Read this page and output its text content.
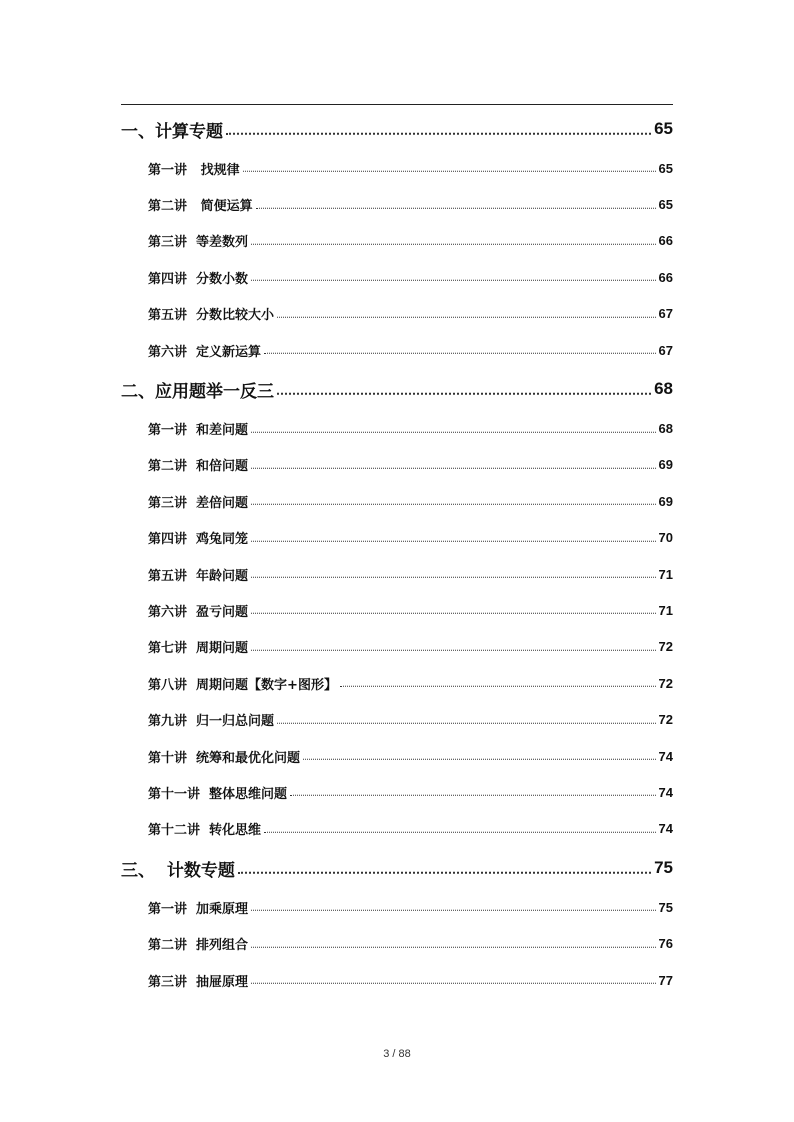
一、计算专题	65
第一讲   找规律	65
第二讲   简便运算	65
第三讲  等差数列	66
第四讲  分数小数	66
第五讲  分数比较大小	67
第六讲  定义新运算	67
二、应用题举一反三	68
第一讲  和差问题	68
第二讲  和倍问题	69
第三讲  差倍问题	69
第四讲  鸡兔同笼	70
第五讲  年龄问题	71
第六讲  盈亏问题	71
第七讲  周期问题	72
第八讲  周期问题【数字+图形】	72
第九讲  归一归总问题	72
第十讲  统筹和最优化问题	74
第十一讲  整体思维问题	74
第十二讲  转化思维	74
三、  计数专题	75
第一讲  加乘原理	75
第二讲  排列组合	76
第三讲  抽屉原理	77
3 / 88
